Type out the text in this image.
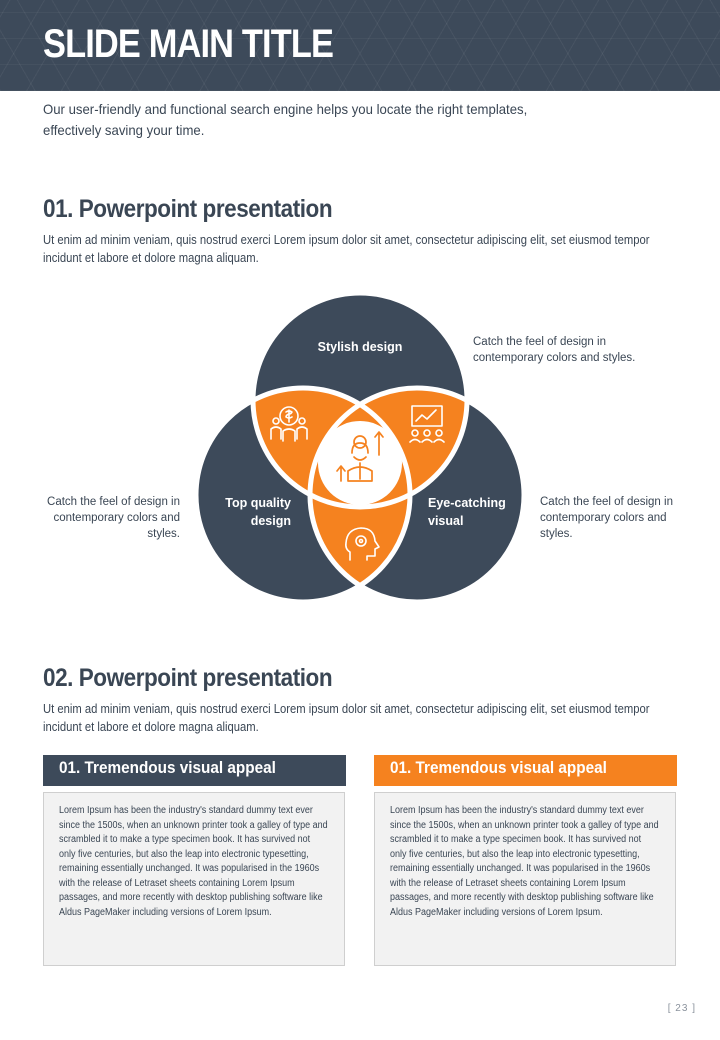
SLIDE MAIN TITLE
Our user-friendly and functional search engine helps you locate the right templates, effectively saving your time.
01. Powerpoint presentation
Ut enim ad minim veniam, quis nostrud exerci Lorem ipsum dolor sit amet, consectetur adipiscing elit, set eiusmod tempor incidunt et labore et dolore magna aliquam.
Stylish design
Top quality
design
Eye-catching
visual
Catch the feel of design in contemporary colors and styles.
Catch the feel of design in contemporary colors and styles.
Catch the feel of design in contemporary colors and styles.
02. Powerpoint presentation
Ut enim ad minim veniam, quis nostrud exerci Lorem ipsum dolor sit amet, consectetur adipiscing elit, set eiusmod tempor incidunt et labore et dolore magna aliquam.
01. Tremendous visual appeal

Lorem Ipsum has been the industry's standard dummy text ever since the 1500s, when an unknown printer took a galley of type and scrambled it to make a type specimen book. It has survived not only five centuries, but also the leap into electronic typesetting, remaining essentially unchanged. It was popularised in the 1960s with the release of Letraset sheets containing Lorem Ipsum passages, and more recently with desktop publishing software like Aldus PageMaker including versions of Lorem Ipsum.

01. Tremendous visual appeal

Lorem Ipsum has been the industry's standard dummy text ever since the 1500s, when an unknown printer took a galley of type and scrambled it to make a type specimen book. It has survived not only five centuries, but also the leap into electronic typesetting, remaining essentially unchanged. It was popularised in the 1960s with the release of Letraset sheets containing Lorem Ipsum passages, and more recently with desktop publishing software like Aldus PageMaker including versions of Lorem Ipsum.

[ 23 ]
